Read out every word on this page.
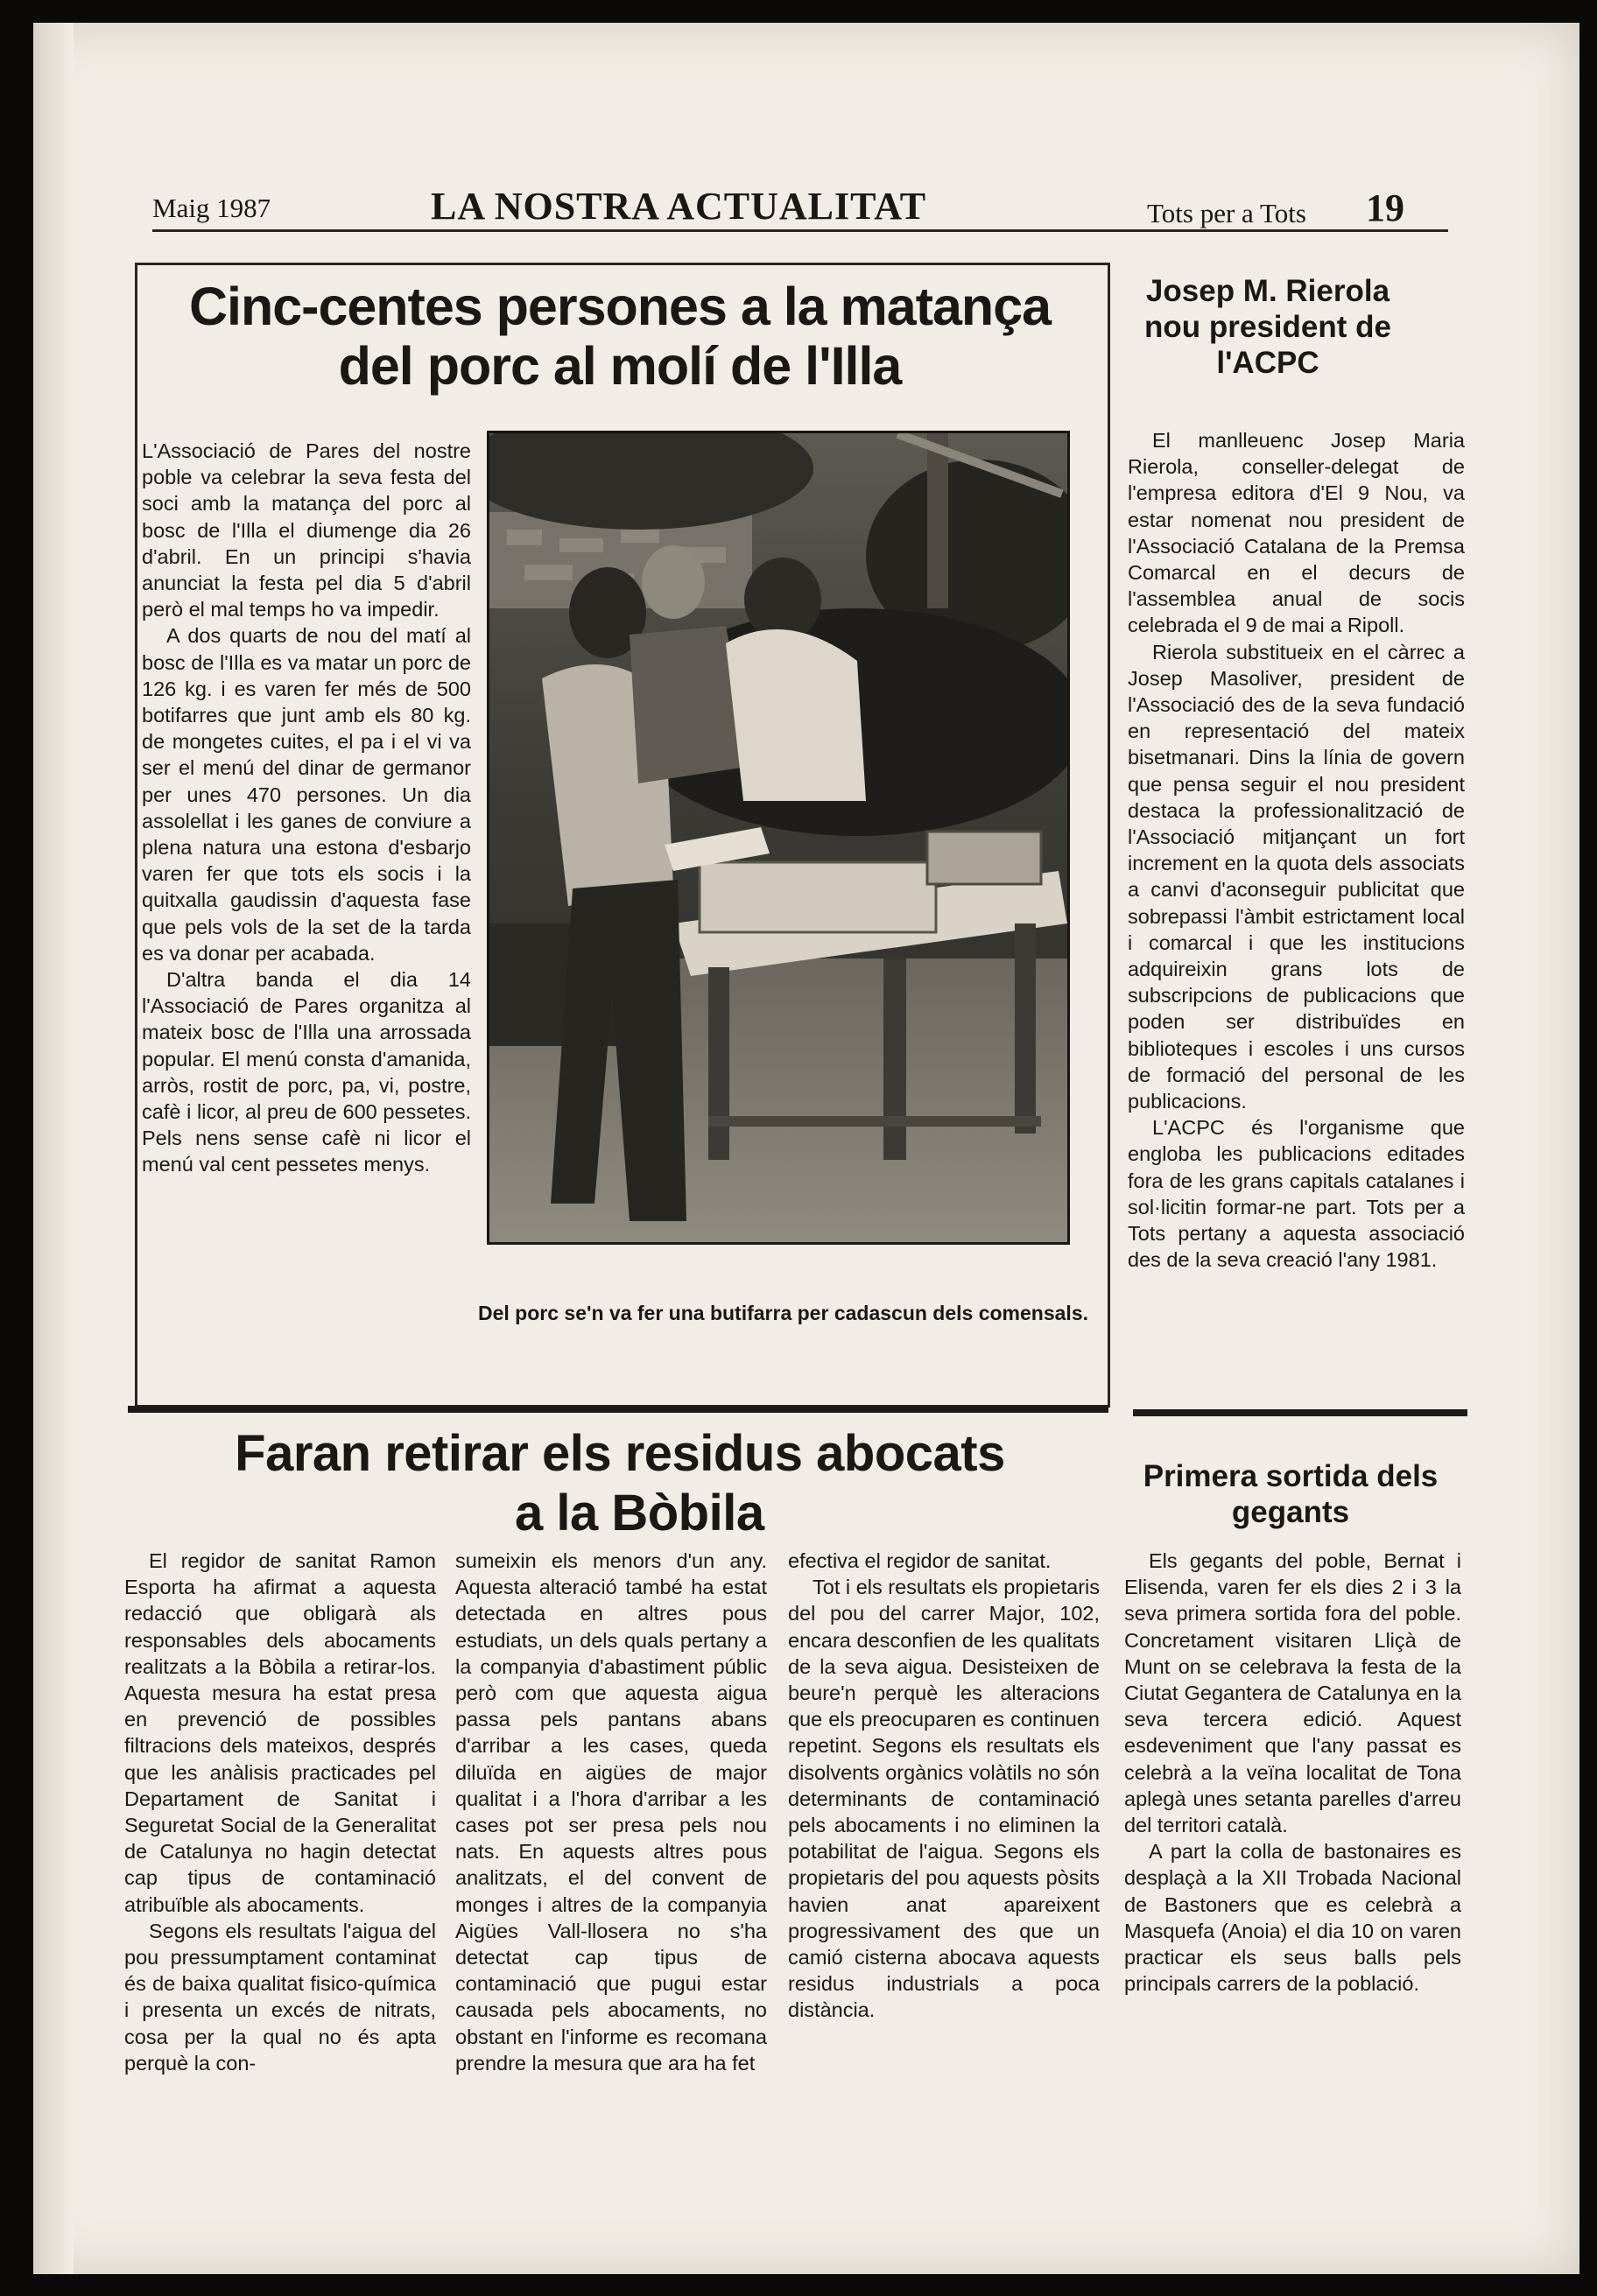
Maig 1987	LA NOSTRA ACTUALITAT	Tots per a Tots 19
Cinc-centes persones a la matança del porc al molí de l'Illa

L'Associació de Pares del nostre poble va celebrar la seva festa del soci amb la matança del porc al bosc de l'Illa el diumenge dia 26 d'abril. En un principi s'havia anunciat la festa pel dia 5 d'abril però el mal temps ho va impedir.

A dos quarts de nou del matí al bosc de l'Illa es va matar un porc de 126 kg. i es varen fer més de 500 botifarres que junt amb els 80 kg. de mongetes cuites, el pa i el vi va ser el menú del dinar de germanor per unes 470 persones. Un dia assolellat i les ganes de conviure a plena natura una estona d'esbarjo varen fer que tots els socis i la quitxalla gaudissin d'aquesta fase que pels vols de la set de la tarda es va donar per acabada.

D'altra banda el dia 14 l'Associació de Pares organitza al mateix bosc de l'Illa una arrossada popular. El menú consta d'amanida, arròs, rostit de porc, pa, vi, postre, cafè i licor, al preu de 600 pessetes. Pels nens sense cafè ni licor el menú val cent pessetes menys.

Del porc se'n va fer una butifarra per cadascun dels comensals.
Josep M. Rierola nou president de l'ACPC

El manlleuenc Josep Maria Rierola, conseller-delegat de l'empresa editora d'El 9 Nou, va estar nomenat nou president de l'Associació Catalana de la Premsa Comarcal en el decurs de l'assemblea anual de socis celebrada el 9 de mai a Ripoll.

Rierola substitueix en el càrrec a Josep Masoliver, president de l'Associació des de la seva fundació en representació del mateix bisetmanari. Dins la línia de govern que pensa seguir el nou president destaca la professionalització de l'Associació mitjançant un fort increment en la quota dels associats a canvi d'aconseguir publicitat que sobrepassi l'àmbit estrictament local i comarcal i que les institucions adquireixin grans lots de subscripcions de publicacions que poden ser distribuïdes en biblioteques i escoles i uns cursos de formació del personal de les publicacions.

L'ACPC és l'organisme que engloba les publicacions editades fora de les grans capitals catalanes i sol·licitin formar-ne part. Tots per a Tots pertany a aquesta associació des de la seva creació l'any 1981.

Faran retirar els residus abocats
a la Bòbila

El regidor de sanitat Ramon Esporta ha afirmat a aquesta redacció que obligarà als responsables dels abocaments realitzats a la Bòbila a retirar-los. Aquesta mesura ha estat presa en prevenció de possibles filtracions dels mateixos, després que les anàlisis practicades pel Departament de Sanitat i Seguretat Social de la Generalitat de Catalunya no hagin detectat cap tipus de contaminació atribuïble als abocaments.

Segons els resultats l'aigua del pou pressumptament contaminat és de baixa qualitat fisico-química i presenta un excés de nitrats, cosa per la qual no és apta perquè la con-

sumeixin els menors d'un any. Aquesta alteració també ha estat detectada en altres pous estudiats, un dels quals pertany a la companyia d'abastiment públic però com que aquesta aigua passa pels pantans abans d'arribar a les cases, queda diluïda en aigües de major qualitat i a l'hora d'arribar a les cases pot ser presa pels nou nats. En aquests altres pous analitzats, el del convent de monges i altres de la companyia Aigües Vall-llosera no s'ha detectat cap tipus de contaminació que pugui estar causada pels abocaments, no obstant en l'informe es recomana prendre la mesura que ara ha fet

efectiva el regidor de sanitat.

Tot i els resultats els propietaris del pou del carrer Major, 102, encara desconfien de les qualitats de la seva aigua. Desisteixen de beure'n perquè les alteracions que els preocuparen es continuen repetint. Segons els resultats els disolvents orgànics volàtils no són determinants de contaminació pels abocaments i no eliminen la potabilitat de l'aigua. Segons els propietaris del pou aquests pòsits havien anat apareixent progressivament des que un camió cisterna abocava aquests residus industrials a poca distància.

Primera sortida dels gegants

Els gegants del poble, Bernat i Elisenda, varen fer els dies 2 i 3 la seva primera sortida fora del poble. Concretament visitaren Lliçà de Munt on se celebrava la festa de la Ciutat Gegantera de Catalunya en la seva tercera edició. Aquest esdeveniment que l'any passat es celebrà a la veïna localitat de Tona aplegà unes setanta parelles d'arreu del territori català.

A part la colla de bastonaires es desplaçà a la XII Trobada Nacional de Bastoners que es celebrà a Masquefa (Anoia) el dia 10 on varen practicar els seus balls pels principals carrers de la població.
